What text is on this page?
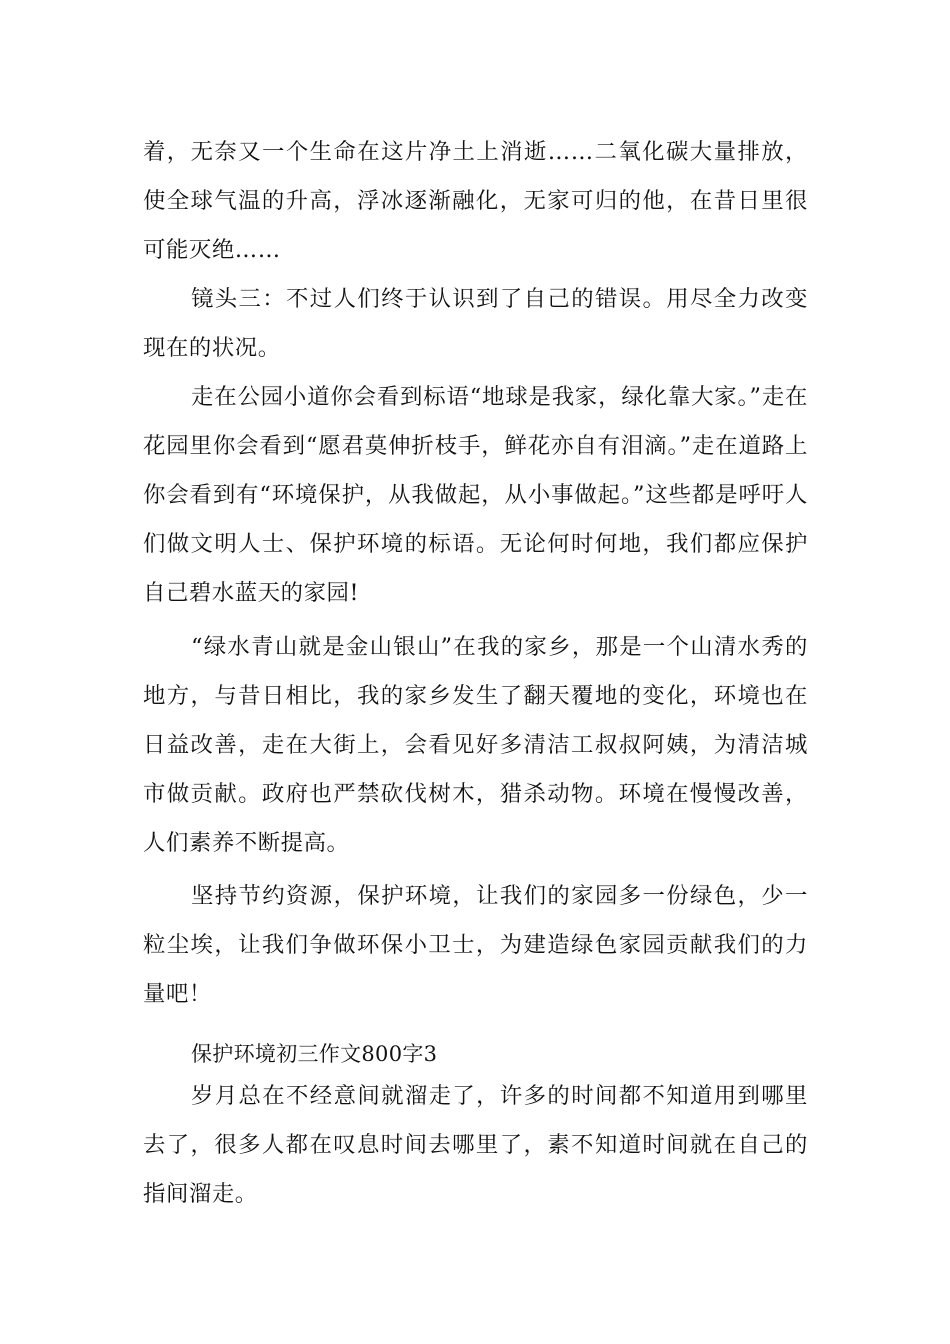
着，无奈又一个生命在这片净土上消逝……二氧化碳大量排放，使全球气温的升高，浮冰逐渐融化，无家可归的他，在昔日里很可能灭绝……

镜头三：不过人们终于认识到了自己的错误。用尽全力改变现在的状况。

走在公园小道你会看到标语“地球是我家，绿化靠大家。”走在花园里你会看到“愿君莫伸折枝手，鲜花亦自有泪滴。”走在道路上你会看到有“环境保护，从我做起，从小事做起。”这些都是呼吁人们做文明人士、保护环境的标语。无论何时何地，我们都应保护自己碧水蓝天的家园!

“绿水青山就是金山银山”在我的家乡，那是一个山清水秀的地方，与昔日相比，我的家乡发生了翻天覆地的变化，环境也在日益改善，走在大街上，会看见好多清洁工叔叔阿姨，为清洁城市做贡献。政府也严禁砍伐树木，猎杀动物。环境在慢慢改善，人们素养不断提高。

坚持节约资源，保护环境，让我们的家园多一份绿色，少一粒尘埃，让我们争做环保小卫士，为建造绿色家园贡献我们的力量吧！

保护环境初三作文800字3

岁月总在不经意间就溜走了，许多的时间都不知道用到哪里去了，很多人都在叹息时间去哪里了，素不知道时间就在自己的指间溜走。
